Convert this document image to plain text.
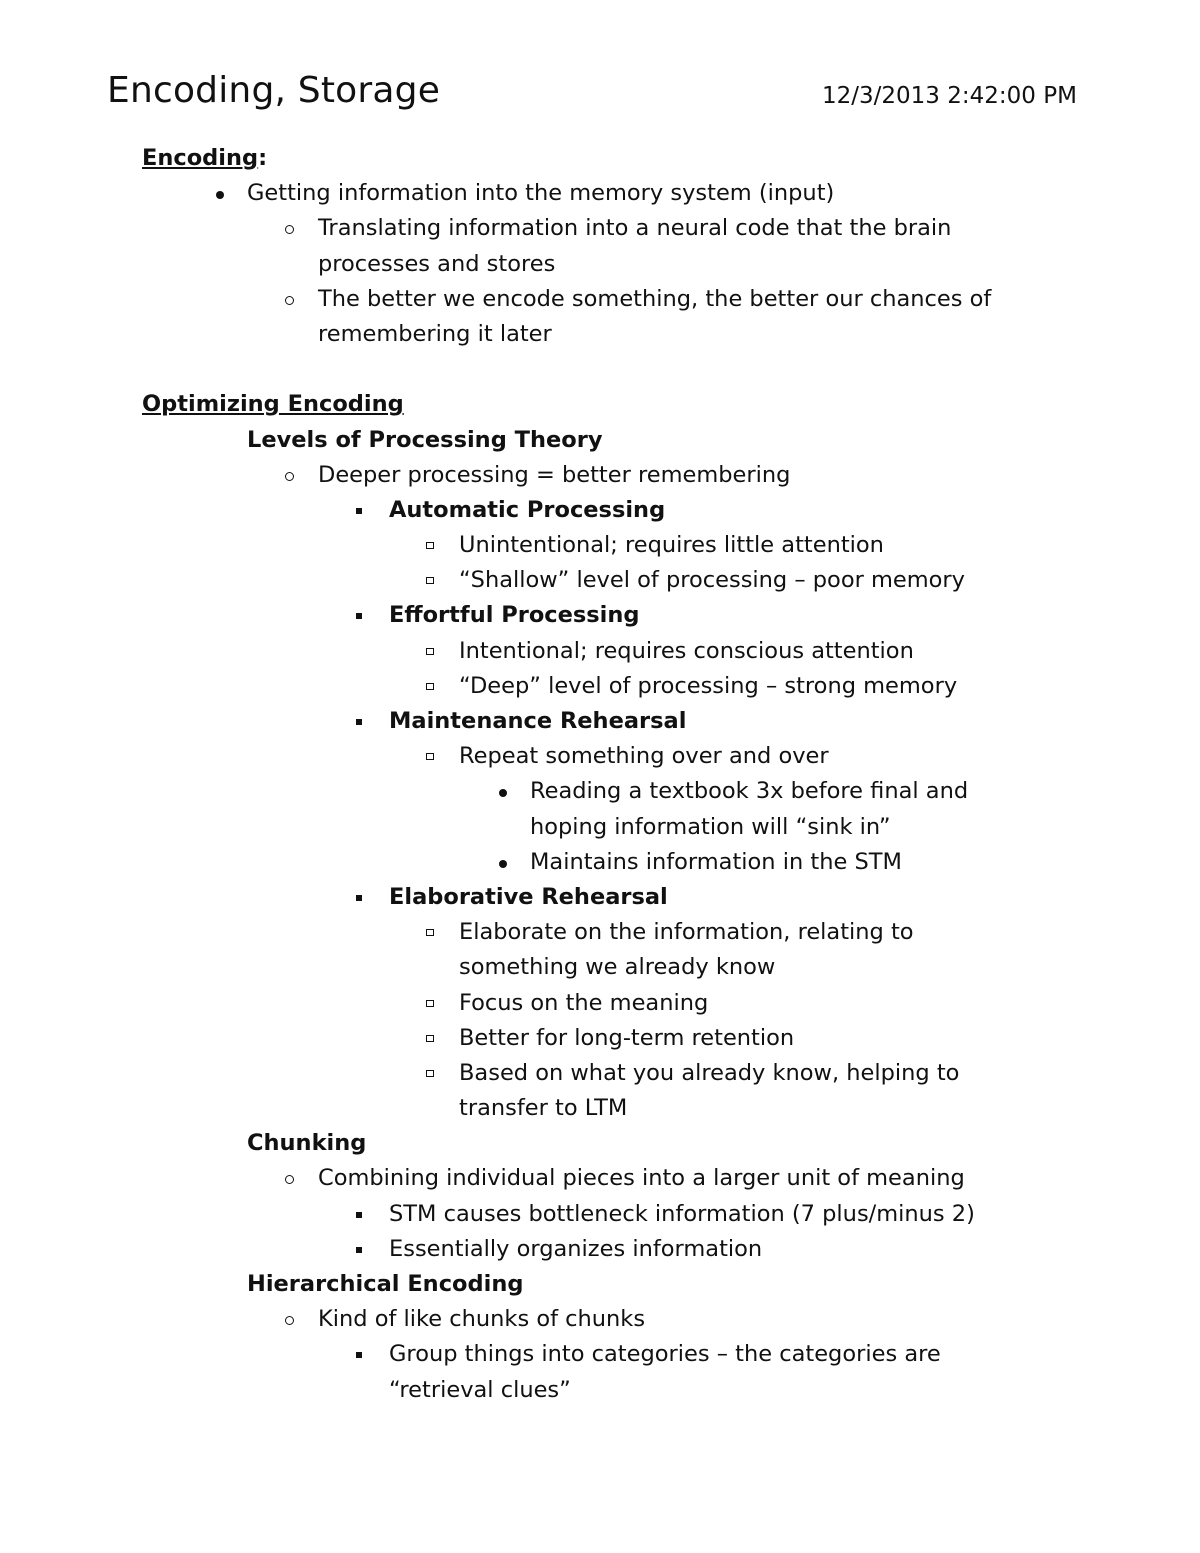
Encoding, Storage	12/3/2013 2:42:00 PM
Encoding:
Getting information into the memory system (input)
Translating information into a neural code that the brain
processes and stores
The better we encode something, the better our chances of
remembering it later
Optimizing Encoding
Levels of Processing Theory
Deeper processing = better remembering
Automatic Processing
Unintentional; requires little attention
“Shallow” level of processing – poor memory
Effortful Processing
Intentional; requires conscious attention
“Deep” level of processing – strong memory
Maintenance Rehearsal
Repeat something over and over
Reading a textbook 3x before final and
hoping information will “sink in”
Maintains information in the STM
Elaborative Rehearsal
Elaborate on the information, relating to
something we already know
Focus on the meaning
Better for long-term retention
Based on what you already know, helping to
transfer to LTM
Chunking
Combining individual pieces into a larger unit of meaning
STM causes bottleneck information (7 plus/minus 2)
Essentially organizes information
Hierarchical Encoding
Kind of like chunks of chunks
Group things into categories – the categories are
“retrieval clues”
